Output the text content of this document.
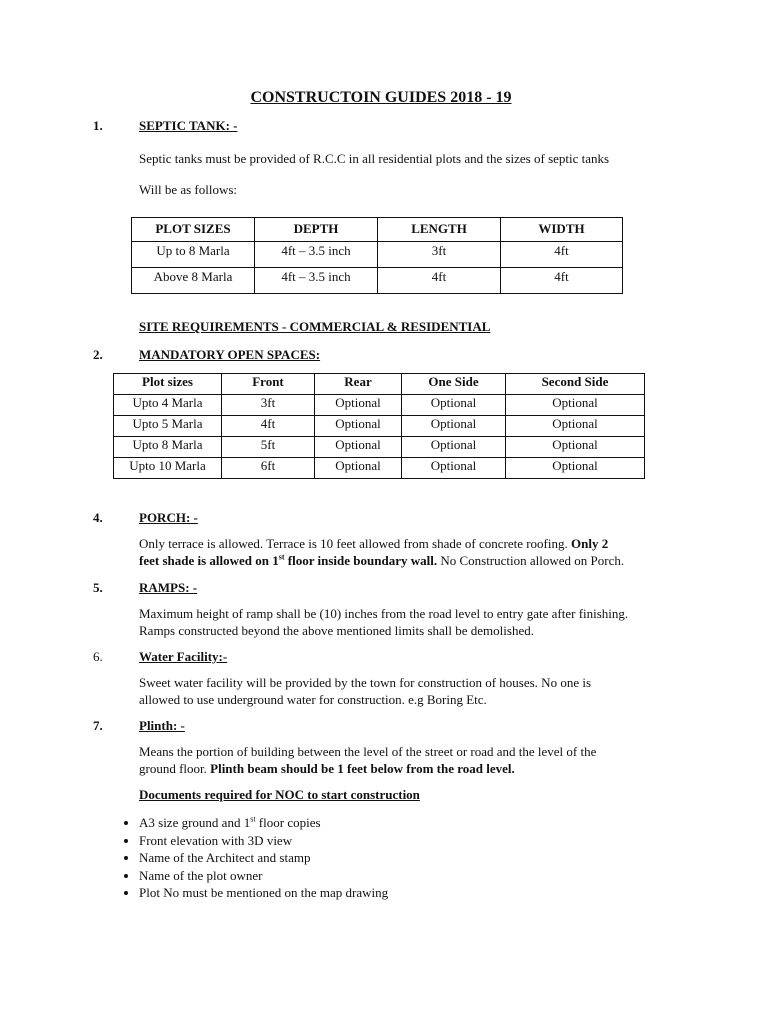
CONSTRUCTOIN GUIDES 2018 - 19
1.	SEPTIC TANK: -
Septic tanks must be provided of R.C.C in all residential plots and the sizes of septic tanks
Will be as follows:
PLOT SIZES	DEPTH	LENGTH	WIDTH
Up to 8 Marla	4ft – 3.5 inch	3ft	4ft
Above 8 Marla	4ft – 3.5 inch	4ft	4ft
SITE REQUIREMENTS - COMMERCIAL & RESIDENTIAL
2.	MANDATORY OPEN SPACES:
Plot sizes	Front	Rear	One Side	Second Side
Upto 4 Marla	3ft	Optional	Optional	Optional
Upto 5 Marla	4ft	Optional	Optional	Optional
Upto 8 Marla	5ft	Optional	Optional	Optional
Upto 10 Marla	6ft	Optional	Optional	Optional
4.	PORCH: -
Only terrace is allowed. Terrace is 10 feet allowed from shade of concrete roofing. Only 2
feet shade is allowed on 1st floor inside boundary wall. No Construction allowed on Porch.
5.	RAMPS: -
Maximum height of ramp shall be (10) inches from the road level to entry gate after finishing.
Ramps constructed beyond the above mentioned limits shall be demolished.
6.	Water Facility:-
Sweet water facility will be provided by the town for construction of houses. No one is
allowed to use underground water for construction. e.g Boring Etc.
7.	Plinth: -
Means the portion of building between the level of the street or road and the level of the
ground floor. Plinth beam should be 1 feet below from the road level.
Documents required for NOC to start construction
• A3 size ground and 1st floor copies
• Front elevation with 3D view
• Name of the Architect and stamp
• Name of the plot owner
• Plot No must be mentioned on the map drawing
